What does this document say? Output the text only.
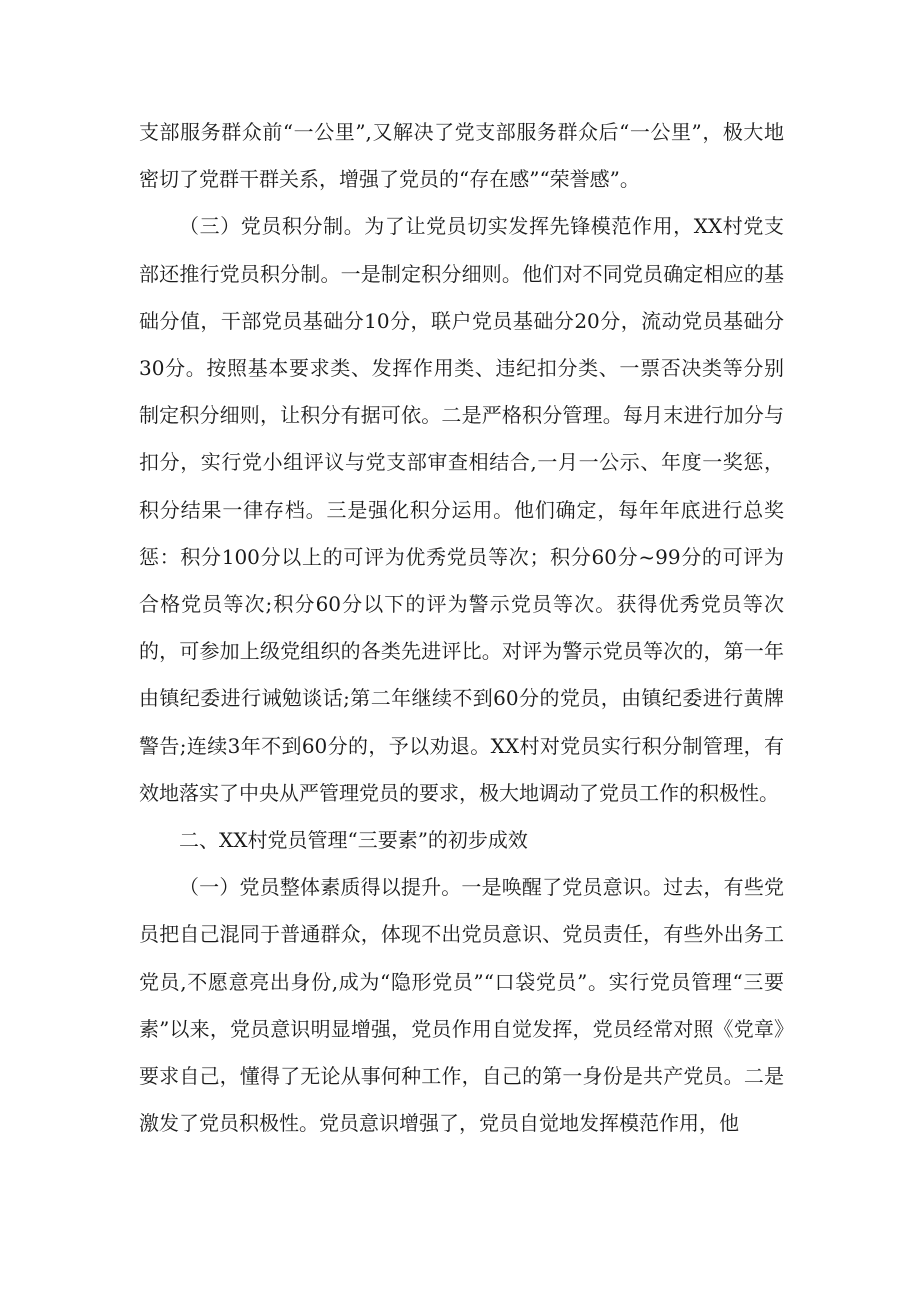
支部服务群众前“一公里”,又解决了党支部服务群众后“一公里”，极大地密切了党群干群关系，增强了党员的“存在感”“荣誉感”。

（三）党员积分制。为了让党员切实发挥先锋模范作用，XX村党支部还推行党员积分制。一是制定积分细则。他们对不同党员确定相应的基础分值，干部党员基础分10分，联户党员基础分20分，流动党员基础分30分。按照基本要求类、发挥作用类、违纪扣分类、一票否决类等分别制定积分细则，让积分有据可依。二是严格积分管理。每月末进行加分与扣分，实行党小组评议与党支部审查相结合,一月一公示、年度一奖惩，积分结果一律存档。三是强化积分运用。他们确定，每年年底进行总奖惩：积分100分以上的可评为优秀党员等次；积分60分~99分的可评为合格党员等次;积分60分以下的评为警示党员等次。获得优秀党员等次的，可参加上级党组织的各类先进评比。对评为警示党员等次的，第一年由镇纪委进行诫勉谈话;第二年继续不到60分的党员，由镇纪委进行黄牌警告;连续3年不到60分的，予以劝退。XX村对党员实行积分制管理，有效地落实了中央从严管理党员的要求，极大地调动了党员工作的积极性。

二、XX村党员管理“三要素”的初步成效

（一）党员整体素质得以提升。一是唤醒了党员意识。过去，有些党员把自己混同于普通群众，体现不出党员意识、党员责任，有些外出务工党员,不愿意亮出身份,成为“隐形党员”“口袋党员”。实行党员管理“三要素”以来，党员意识明显增强，党员作用自觉发挥，党员经常对照《党章》要求自己，懂得了无论从事何种工作，自己的第一身份是共产党员。二是激发了党员积极性。党员意识增强了，党员自觉地发挥模范作用，他
